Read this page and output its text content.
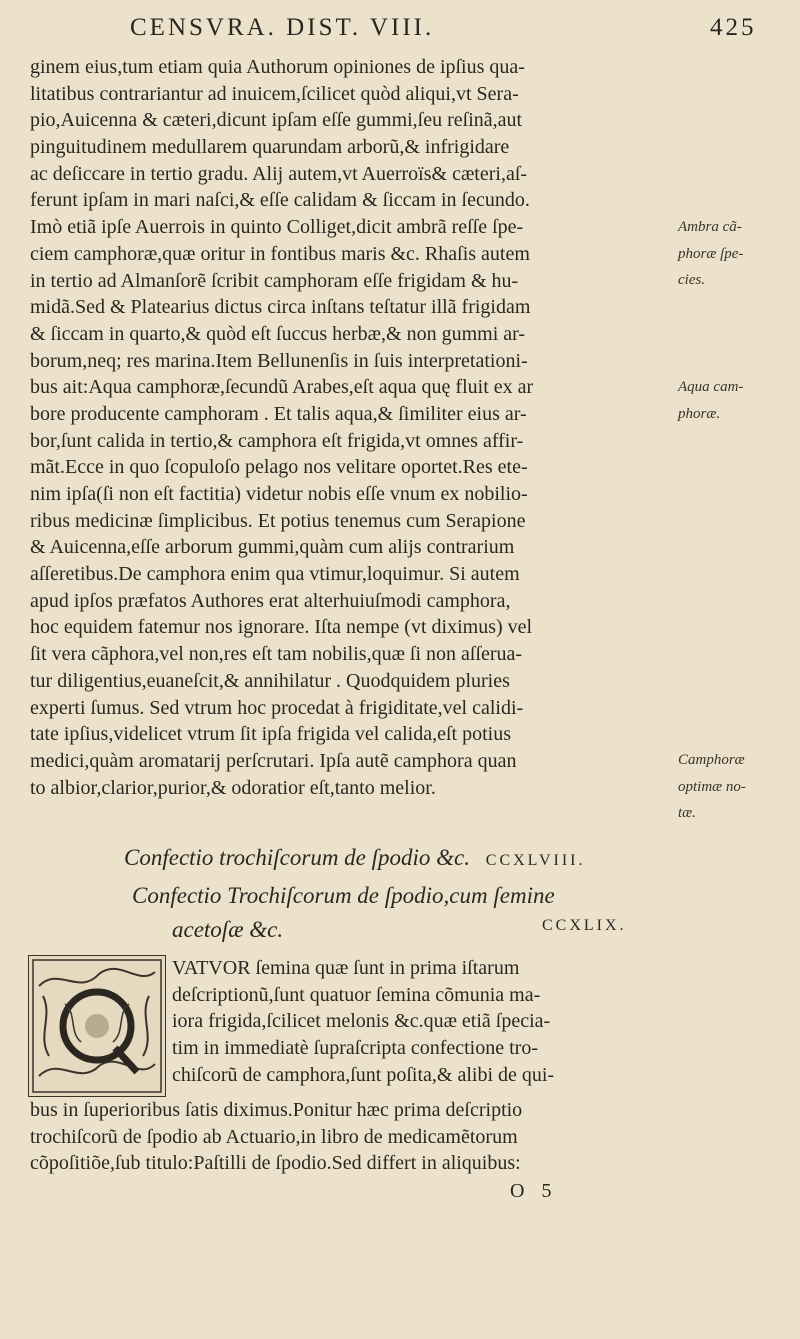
CENSVRA. DIST. VIII.	425
ginem eius,tum etiam quia Authorum opiniones de ipſius qua-
litatibus contrariantur ad inuicem,ſcilicet quòd aliqui,vt Sera-
pio,Auicenna & cæteri,dicunt ipſam eſſe gummi,ſeu reſinã,aut
pinguitudinem medullarem quarundam arborũ,& infrigidare
ac deſiccare in tertio gradu. Alij autem,vt Auerroïs& cæteri,aſ-
ferunt ipſam in mari naſci,& eſſe calidam & ſiccam in ſecundo.
Imò etiã ipſe Auerrois in quinto Colliget,dicit ambrã reſſe ſpe-
ciem camphoræ,quæ oritur in fontibus maris &c. Rhaſis autem
in tertio ad Almanſorẽ ſcribit camphoram eſſe frigidam & hu-
midã.Sed & Platearius dictus circa inſtans teſtatur illã frigidam
& ſiccam in quarto,& quòd eſt ſuccus herbæ,& non gummi ar-
borum,neq; res marina.Item Bellunenſis in ſuis interpretationi-
bus ait:Aqua camphoræ,ſecundũ Arabes,eſt aqua quę fluit ex ar
bore producente camphoram . Et talis aqua,& ſimiliter eius ar-
bor,ſunt calida in tertio,& camphora eſt frigida,vt omnes affir-
mãt.Ecce in quo ſcopuloſo pelago nos velitare oportet.Res ete-
nim ipſa(ſi non eſt factitia) videtur nobis eſſe vnum ex nobilio-
ribus medicinæ ſimplicibus. Et potius tenemus cum Serapione
& Auicenna,eſſe arborum gummi,quàm cum alijs contrarium
aſſeretibus.De camphora enim qua vtimur,loquimur. Si autem
apud ipſos præfatos Authores erat alterhuiuſmodi camphora,
hoc equidem fatemur nos ignorare. Iſta nempe (vt diximus) vel
ſit vera cãphora,vel non,res eſt tam nobilis,quæ ſi non aſſerua-
tur diligentius,euaneſcit,& annihilatur . Quodquidem pluries
experti ſumus. Sed vtrum hoc procedat à frigiditate,vel calidi-
tate ipſius,videlicet vtrum ſit ipſa frigida vel calida,eſt potius
medici,quàm aromatarij perſcrutari. Ipſa autẽ camphora quan
to albior,clarior,purior,& odoratior eſt,tanto melior.
Ambra cã-
phoræ ſpe-
cies.
Aqua cam-
phoræ.
Camphoræ
optimæ no-
tæ.
Confectio trochiſcorum de ſpodio &c. CCXLVIII.
Confectio Trochiſcorum de ſpodio,cum ſemine
acetoſæ &c.	CCXLIX.
VATVOR ſemina quæ ſunt in prima iſtarum
deſcriptionũ,ſunt quatuor ſemina cõmunia ma-
iora frigida,ſcilicet melonis &c.quæ etiã ſpecia-
tim in immediatè ſupraſcripta confectione tro-
chiſcorũ de camphora,ſunt poſita,& alibi de qui-
bus in ſuperioribus ſatis diximus.Ponitur hæc prima deſcriptio
trochiſcorũ de ſpodio ab Actuario,in libro de medicamẽtorum
cõpoſitiõe,ſub titulo:Paſtilli de ſpodio.Sed differt in aliquibus:
O 5
